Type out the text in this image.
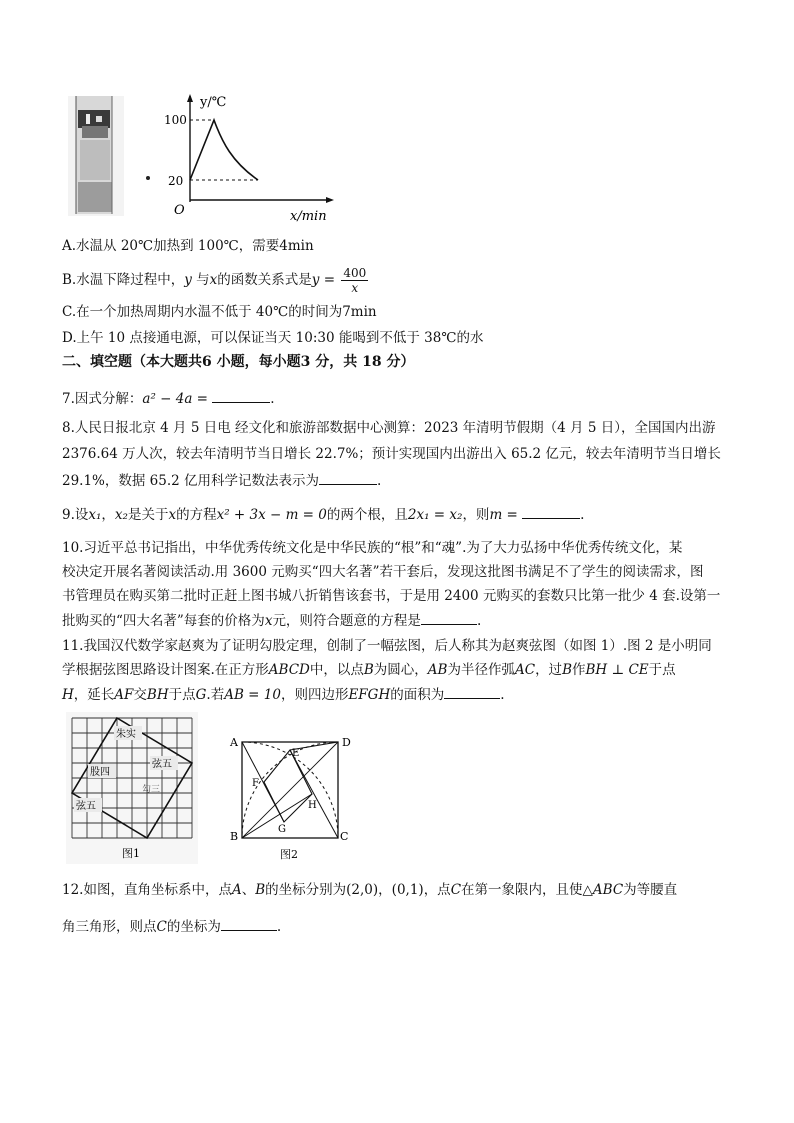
y/℃
100
20
O	x/min
A.水温从 20℃加热到 100℃，需要4min
B.水温下降过程中，y 与x的函数关系式是$y = \frac{400}{x}$
C.在一个加热周期内水温不低于 40℃的时间为7min
D.上午 10 点接通电源，可以保证当天 10:30 能喝到不低于 38℃的水
二、填空题（本大题共6 小题，每小题3 分，共 18 分）
7.因式分解：a² − 4a =	.
8.人民日报北京 4 月 5 日电 经文化和旅游部数据中心测算：2023 年清明节假期（4 月 5 日），全国国内出游
2376.64 万人次，较去年清明节当日增长 22.7%；预计实现国内出游出入 65.2 亿元，较去年清明节当日增长
29.1%，数据 65.2 亿用科学记数法表示为	.
9.设x₁，x₂是关于x的方程x² + 3x − m = 0的两个根，且2x₁ = x₂，则m =	.
10.习近平总书记指出，中华优秀传统文化是中华民族的“根”和“魂”.为了大力弘扬中华优秀传统文化，某
校决定开展名著阅读活动.用 3600 元购买“四大名著”若干套后，发现这批图书满足不了学生的阅读需求，图
书管理员在购买第二批时正赶上图书城八折销售该套书，于是用 2400 元购买的套数只比第一批少 4 套.设第一
批购买的“四大名著”每套的价格为x元，则符合题意的方程是	.
11.我国汉代数学家赵爽为了证明勾股定理，创制了一幅弦图，后人称其为赵爽弦图（如图 1）.图 2 是小明同
学根据弦图思路设计图案.在正方形ABCD中，以点B为圆心，AB为半径作弧AC，过B作BH ⊥ CE于点
H，延长AF交BH于点G.若AB = 10，则四边形EFGH的面积为	.
朱实
股四
弦五
勾三
弦五
图1
A	D
B	C
E
F
G
H
图2
12.如图，直角坐标系中，点A、B的坐标分别为(2,0)，(0,1)，点C在第一象限内，且使△ABC为等腰直
角三角形，则点C的坐标为	.
